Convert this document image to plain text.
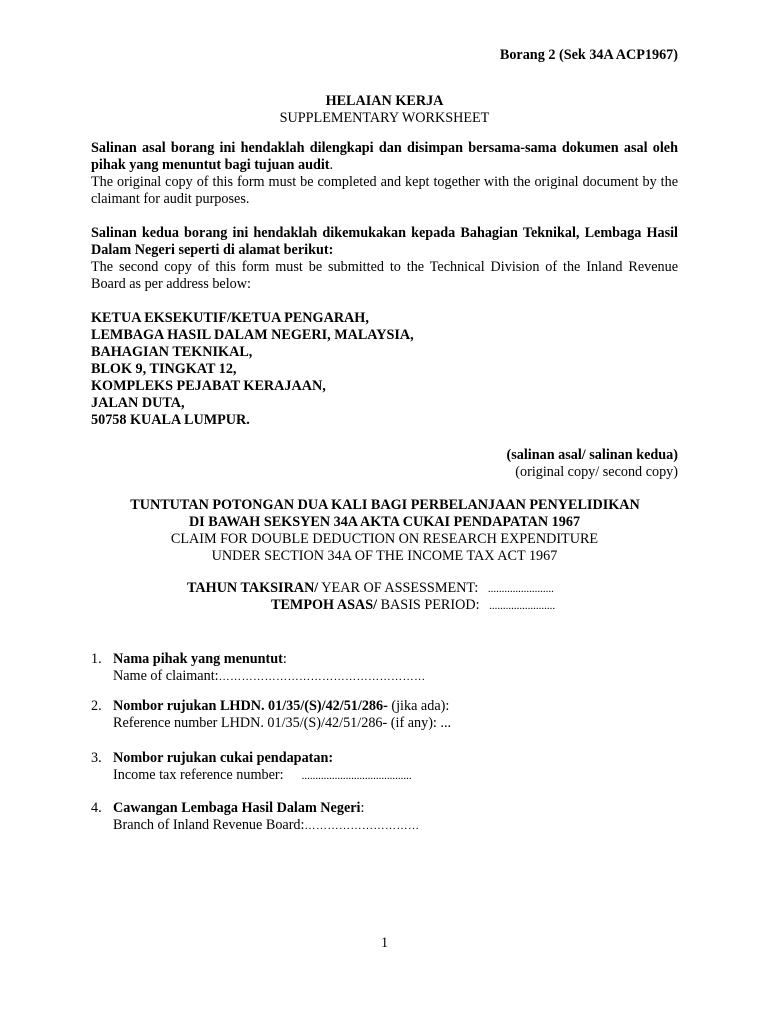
Borang 2 (Sek 34A ACP1967)
HELAIAN KERJA
SUPPLEMENTARY WORKSHEET
Salinan asal borang ini hendaklah dilengkapi dan disimpan bersama-sama dokumen asal oleh pihak yang menuntut bagi tujuan audit.
The original copy of this form must be completed and kept together with the original document by the claimant for audit purposes.
Salinan kedua borang ini hendaklah dikemukakan kepada Bahagian Teknikal, Lembaga Hasil Dalam Negeri seperti di alamat berikut:
The second copy of this form must be submitted to the Technical Division of the Inland Revenue Board as per address below:
KETUA EKSEKUTIF/KETUA PENGARAH,
LEMBAGA HASIL DALAM NEGERI, MALAYSIA,
BAHAGIAN TEKNIKAL,
BLOK 9, TINGKAT 12,
KOMPLEKS PEJABAT KERAJAAN,
JALAN DUTA,
50758 KUALA LUMPUR.
(salinan asal/ salinan kedua)
(original copy/ second copy)
TUNTUTAN POTONGAN DUA KALI BAGI PERBELANJAAN PENYELIDIKAN
DI BAWAH SEKSYEN 34A AKTA CUKAI PENDAPATAN 1967
CLAIM FOR DOUBLE DEDUCTION ON RESEARCH EXPENDITURE
UNDER SECTION 34A OF THE INCOME TAX ACT 1967
TAHUN TAKSIRAN/ YEAR OF ASSESSMENT: ........................
TEMPOH ASAS/ BASIS PERIOD: ........................
1. Nama pihak yang menuntut:
Name of claimant:………………………………………………
2. Nombor rujukan LHDN. 01/35/(S)/42/51/286- (jika ada):
Reference number LHDN. 01/35/(S)/42/51/286- (if any): ...
3. Nombor rujukan cukai pendapatan:
Income tax reference number: ........................................
4. Cawangan Lembaga Hasil Dalam Negeri:
Branch of Inland Revenue Board:…………………………
1
